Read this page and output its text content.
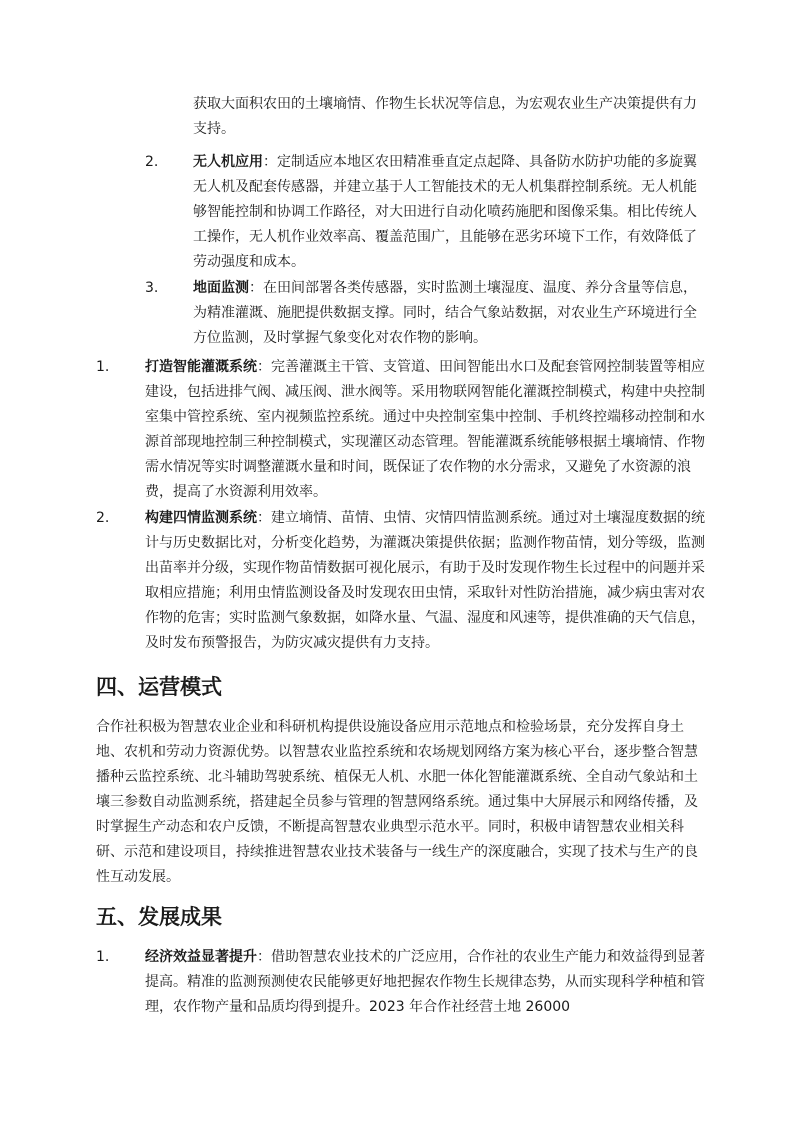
获取大面积农田的土壤墒情、作物生长状况等信息，为宏观农业生产决策提供有力支持。
2. 无人机应用：定制适应本地区农田精准垂直定点起降、具备防水防护功能的多旋翼无人机及配套传感器，并建立基于人工智能技术的无人机集群控制系统。无人机能够智能控制和协调工作路径，对大田进行自动化喷药施肥和图像采集。相比传统人工操作，无人机作业效率高、覆盖范围广，且能够在恶劣环境下工作，有效降低了劳动强度和成本。
3. 地面监测：在田间部署各类传感器，实时监测土壤湿度、温度、养分含量等信息，为精准灌溉、施肥提供数据支撑。同时，结合气象站数据，对农业生产环境进行全方位监测，及时掌握气象变化对农作物的影响。
1.	打造智能灌溉系统：完善灌溉主干管、支管道、田间智能出水口及配套管网控制装置等相应建设，包括进排气阀、减压阀、泄水阀等。采用物联网智能化灌溉控制模式，构建中央控制室集中管控系统、室内视频监控系统。通过中央控制室集中控制、手机终控端移动控制和水源首部现地控制三种控制模式，实现灌区动态管理。智能灌溉系统能够根据土壤墒情、作物需水情况等实时调整灌溉水量和时间，既保证了农作物的水分需求，又避免了水资源的浪费，提高了水资源利用效率。
2.	构建四情监测系统：建立墒情、苗情、虫情、灾情四情监测系统。通过对土壤湿度数据的统计与历史数据比对，分析变化趋势，为灌溉决策提供依据；监测作物苗情，划分等级，监测出苗率并分级，实现作物苗情数据可视化展示，有助于及时发现作物生长过程中的问题并采取相应措施；利用虫情监测设备及时发现农田虫情，采取针对性防治措施，减少病虫害对农作物的危害；实时监测气象数据，如降水量、气温、湿度和风速等，提供准确的天气信息，及时发布预警报告，为防灾减灾提供有力支持。
四、运营模式
合作社积极为智慧农业企业和科研机构提供设施设备应用示范地点和检验场景，充分发挥自身土地、农机和劳动力资源优势。以智慧农业监控系统和农场规划网络方案为核心平台，逐步整合智慧播种云监控系统、北斗辅助驾驶系统、植保无人机、水肥一体化智能灌溉系统、全自动气象站和土壤三参数自动监测系统，搭建起全员参与管理的智慧网络系统。通过集中大屏展示和网络传播，及时掌握生产动态和农户反馈，不断提高智慧农业典型示范水平。同时，积极申请智慧农业相关科研、示范和建设项目，持续推进智慧农业技术装备与一线生产的深度融合，实现了技术与生产的良性互动发展。
五、发展成果
1.	经济效益显著提升：借助智慧农业技术的广泛应用，合作社的农业生产能力和效益得到显著提高。精准的监测预测使农民能够更好地把握农作物生长规律态势，从而实现科学种植和管理，农作物产量和品质均得到提升。2023 年合作社经营土地 26000
